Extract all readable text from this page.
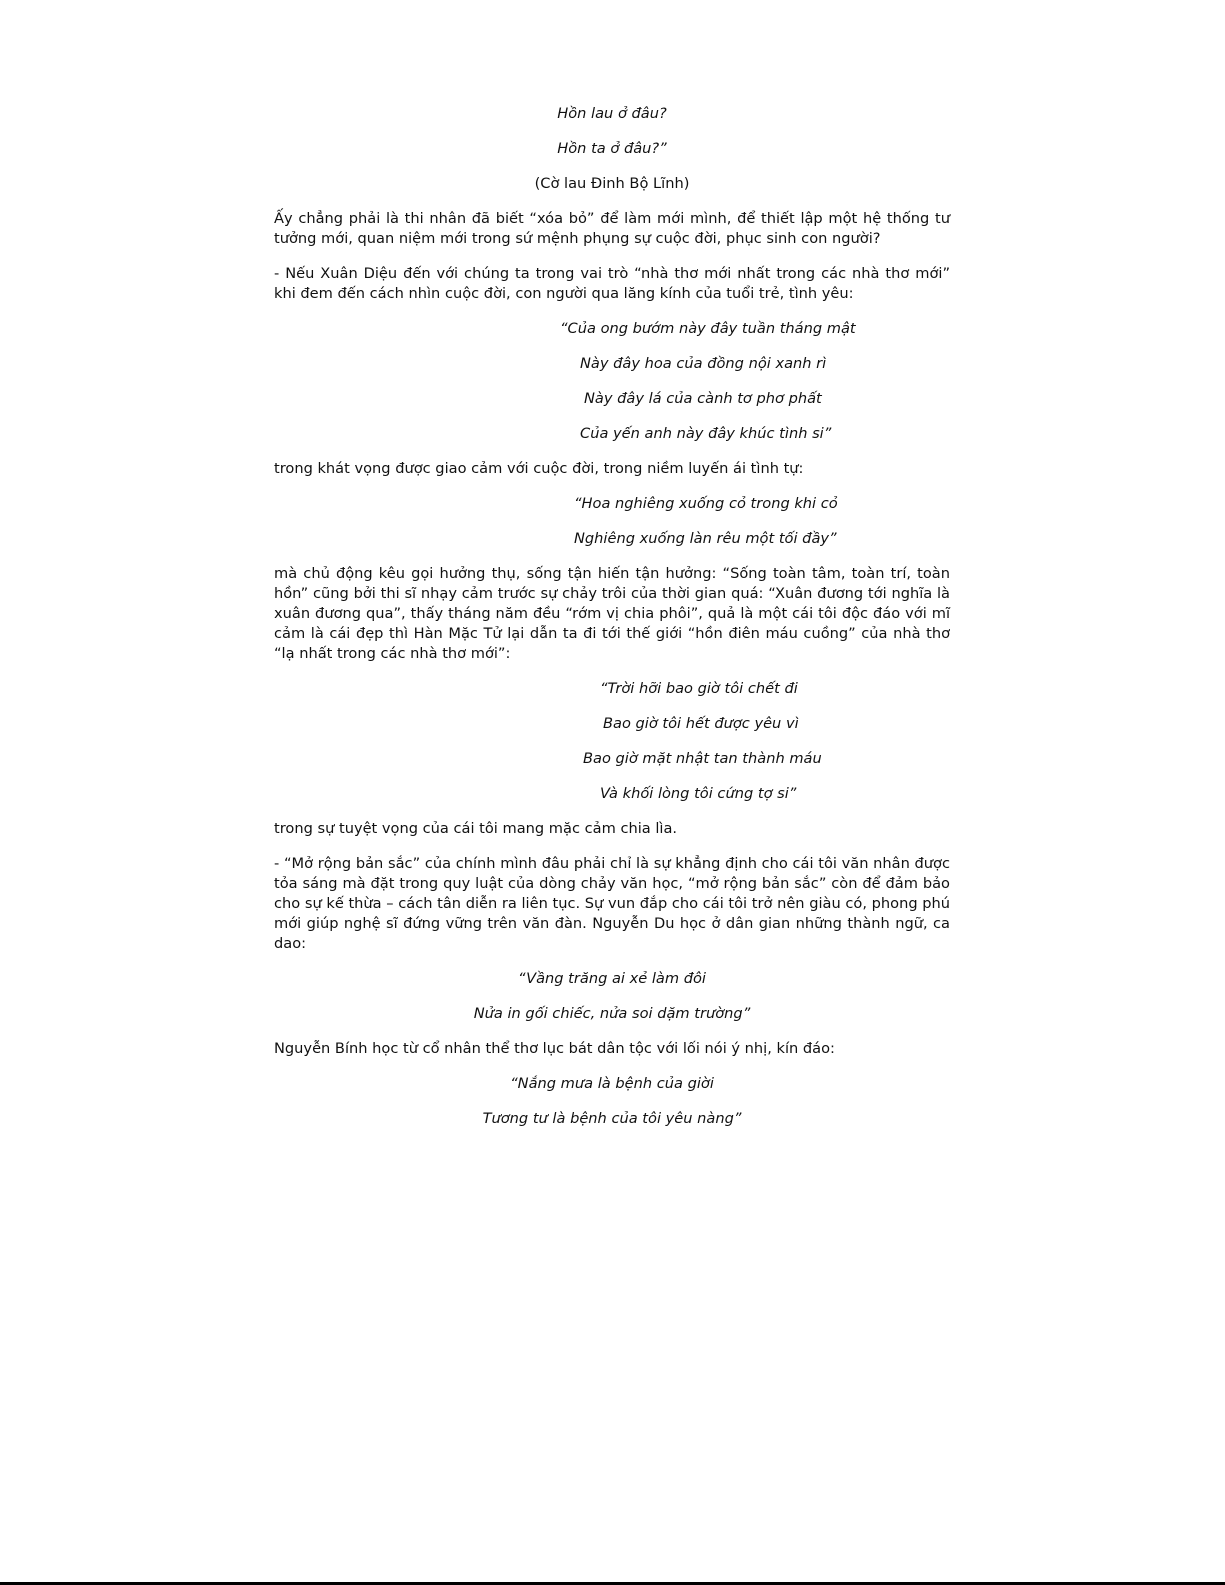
Hồn lau ở đâu?

Hồn ta ở đâu?”

(Cờ lau Đinh Bộ Lĩnh)

Ấy chẳng phải là thi nhân đã biết “xóa bỏ” để làm mới mình, để thiết lập một hệ thống tư tưởng mới, quan niệm mới trong sứ mệnh phụng sự cuộc đời, phục sinh con người?

- Nếu Xuân Diệu đến với chúng ta trong vai trò “nhà thơ mới nhất trong các nhà thơ mới” khi đem đến cách nhìn cuộc đời, con người qua lăng kính của tuổi trẻ, tình yêu:

“Của ong bướm này đây tuần tháng mật

Này đây hoa của đồng nội xanh rì

Này đây lá của cành tơ phơ phất

Của yến anh này đây khúc tình si”

trong khát vọng được giao cảm với cuộc đời, trong niềm luyến ái tình tự:

“Hoa nghiêng xuống cỏ trong khi cỏ

Nghiêng xuống làn rêu một tối đầy”

mà chủ động kêu gọi hưởng thụ, sống tận hiến tận hưởng: “Sống toàn tâm, toàn trí, toàn hồn” cũng bởi thi sĩ nhạy cảm trước sự chảy trôi của thời gian quá: “Xuân đương tới nghĩa là xuân đương qua”, thấy tháng năm đều “rớm vị chia phôi”, quả là một cái tôi độc đáo với mĩ cảm là cái đẹp thì Hàn Mặc Tử lại dẫn ta đi tới thế giới “hồn điên máu cuồng” của nhà thơ “lạ nhất trong các nhà thơ mới”:

“Trời hỡi bao giờ tôi chết đi

Bao giờ tôi hết được yêu vì

Bao giờ mặt nhật tan thành máu

Và khối lòng tôi cứng tợ si”

trong sự tuyệt vọng của cái tôi mang mặc cảm chia lìa.

- “Mở rộng bản sắc” của chính mình đâu phải chỉ là sự khẳng định cho cái tôi văn nhân được tỏa sáng mà đặt trong quy luật của dòng chảy văn học, “mở rộng bản sắc” còn để đảm bảo cho sự kế thừa – cách tân diễn ra liên tục. Sự vun đắp cho cái tôi trở nên giàu có, phong phú mới giúp nghệ sĩ đứng vững trên văn đàn. Nguyễn Du học ở dân gian những thành ngữ, ca dao:

“Vầng trăng ai xẻ làm đôi

Nửa in gối chiếc, nửa soi dặm trường”

Nguyễn Bính học từ cổ nhân thể thơ lục bát dân tộc với lối nói ý nhị, kín đáo:

“Nắng mưa là bệnh của giời

Tương tư là bệnh của tôi yêu nàng”
